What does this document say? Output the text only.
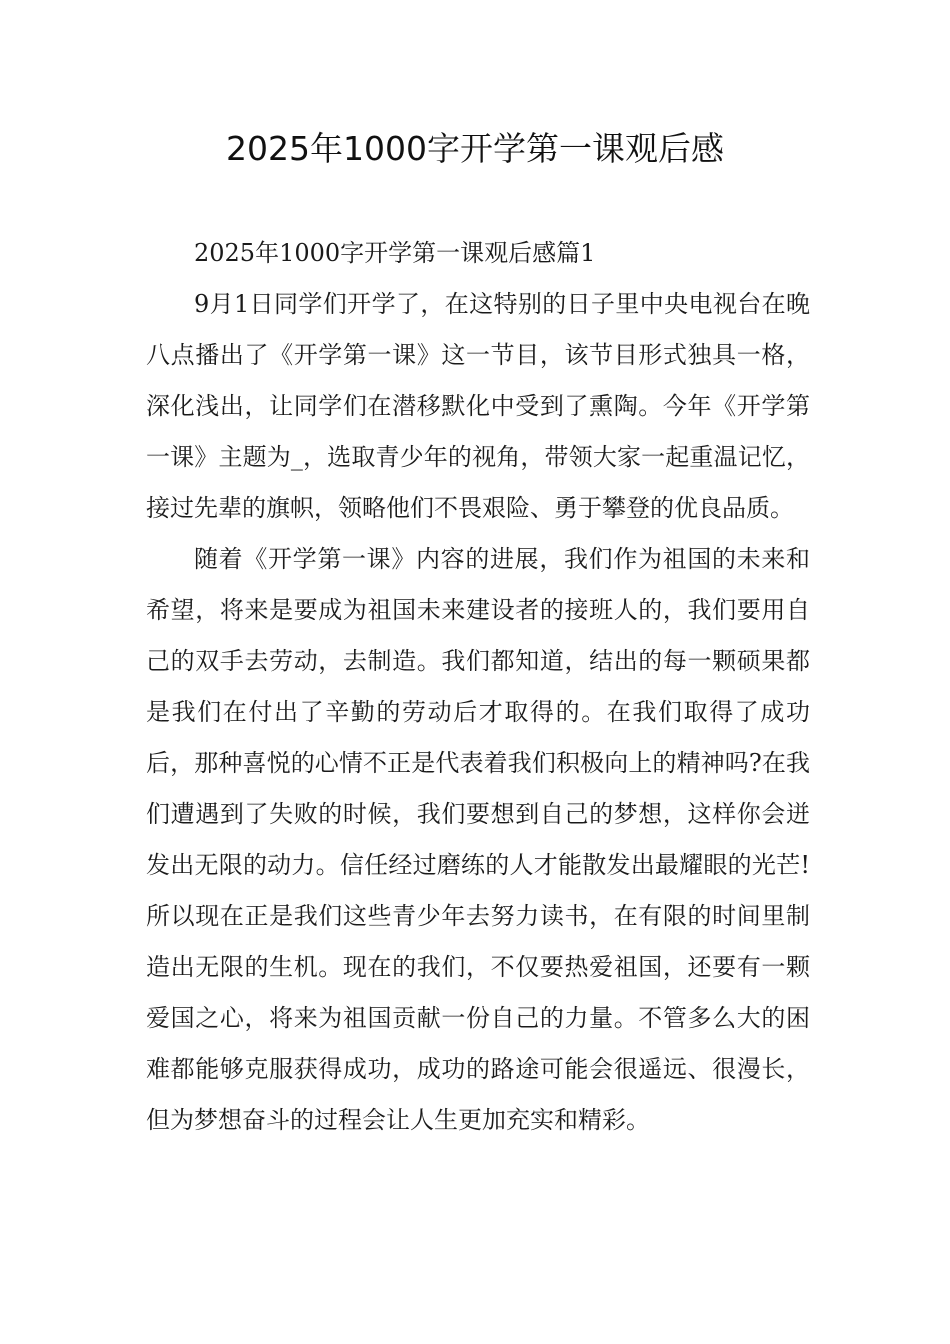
2025年1000字开学第一课观后感

2025年1000字开学第一课观后感篇1

9月1日同学们开学了，在这特别的日子里中央电视台在晚八点播出了《开学第一课》这一节目，该节目形式独具一格，深化浅出，让同学们在潜移默化中受到了熏陶。今年《开学第一课》主题为_，选取青少年的视角，带领大家一起重温记忆，接过先辈的旗帜，领略他们不畏艰险、勇于攀登的优良品质。

随着《开学第一课》内容的进展，我们作为祖国的未来和希望，将来是要成为祖国未来建设者的接班人的，我们要用自己的双手去劳动，去制造。我们都知道，结出的每一颗硕果都是我们在付出了辛勤的劳动后才取得的。在我们取得了成功后，那种喜悦的心情不正是代表着我们积极向上的精神吗?在我们遭遇到了失败的时候，我们要想到自己的梦想，这样你会迸发出无限的动力。信任经过磨练的人才能散发出最耀眼的光芒!所以现在正是我们这些青少年去努力读书，在有限的时间里制造出无限的生机。现在的我们，不仅要热爱祖国，还要有一颗爱国之心，将来为祖国贡献一份自己的力量。不管多么大的困难都能够克服获得成功，成功的路途可能会很遥远、很漫长，但为梦想奋斗的过程会让人生更加充实和精彩。
